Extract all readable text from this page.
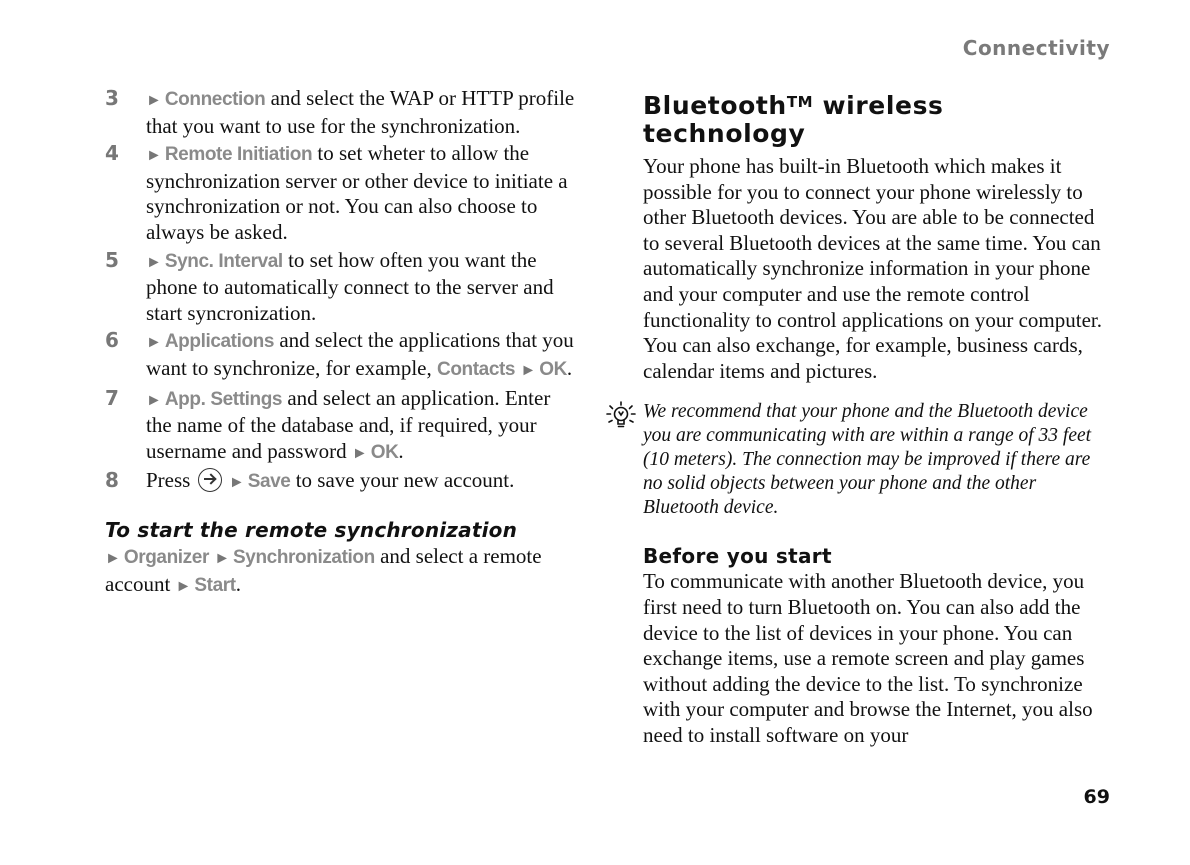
Connectivity
3 ► Connection and select the WAP or HTTP profile that you want to use for the synchronization.
4 ► Remote Initiation to set wheter to allow the synchronization server or other device to initiate a synchronization or not. You can also choose to always be asked.
5 ► Sync. Interval to set how often you want the phone to automatically connect to the server and start syncronization.
6 ► Applications and select the applications that you want to synchronize, for example, Contacts ► OK.
7 ► App. Settings and select an application. Enter the name of the database and, if required, your username and password ► OK.
8 Press  ► Save to save your new account.
To start the remote synchronization
► Organizer ► Synchronization and select a remote account ► Start.
Bluetooth™ wireless technology
Your phone has built-in Bluetooth which makes it possible for you to connect your phone wirelessly to other Bluetooth devices. You are able to be connected to several Bluetooth devices at the same time. You can automatically synchronize information in your phone and your computer and use the remote control functionality to control applications on your computer. You can also exchange, for example, business cards, calendar items and pictures.
We recommend that your phone and the Bluetooth device you are communicating with are within a range of 33 feet (10 meters). The connection may be improved if there are no solid objects between your phone and the other Bluetooth device.
Before you start
To communicate with another Bluetooth device, you first need to turn Bluetooth on. You can also add the device to the list of devices in your phone. You can exchange items, use a remote screen and play games without adding the device to the list. To synchronize with your computer and browse the Internet, you also need to install software on your
69
